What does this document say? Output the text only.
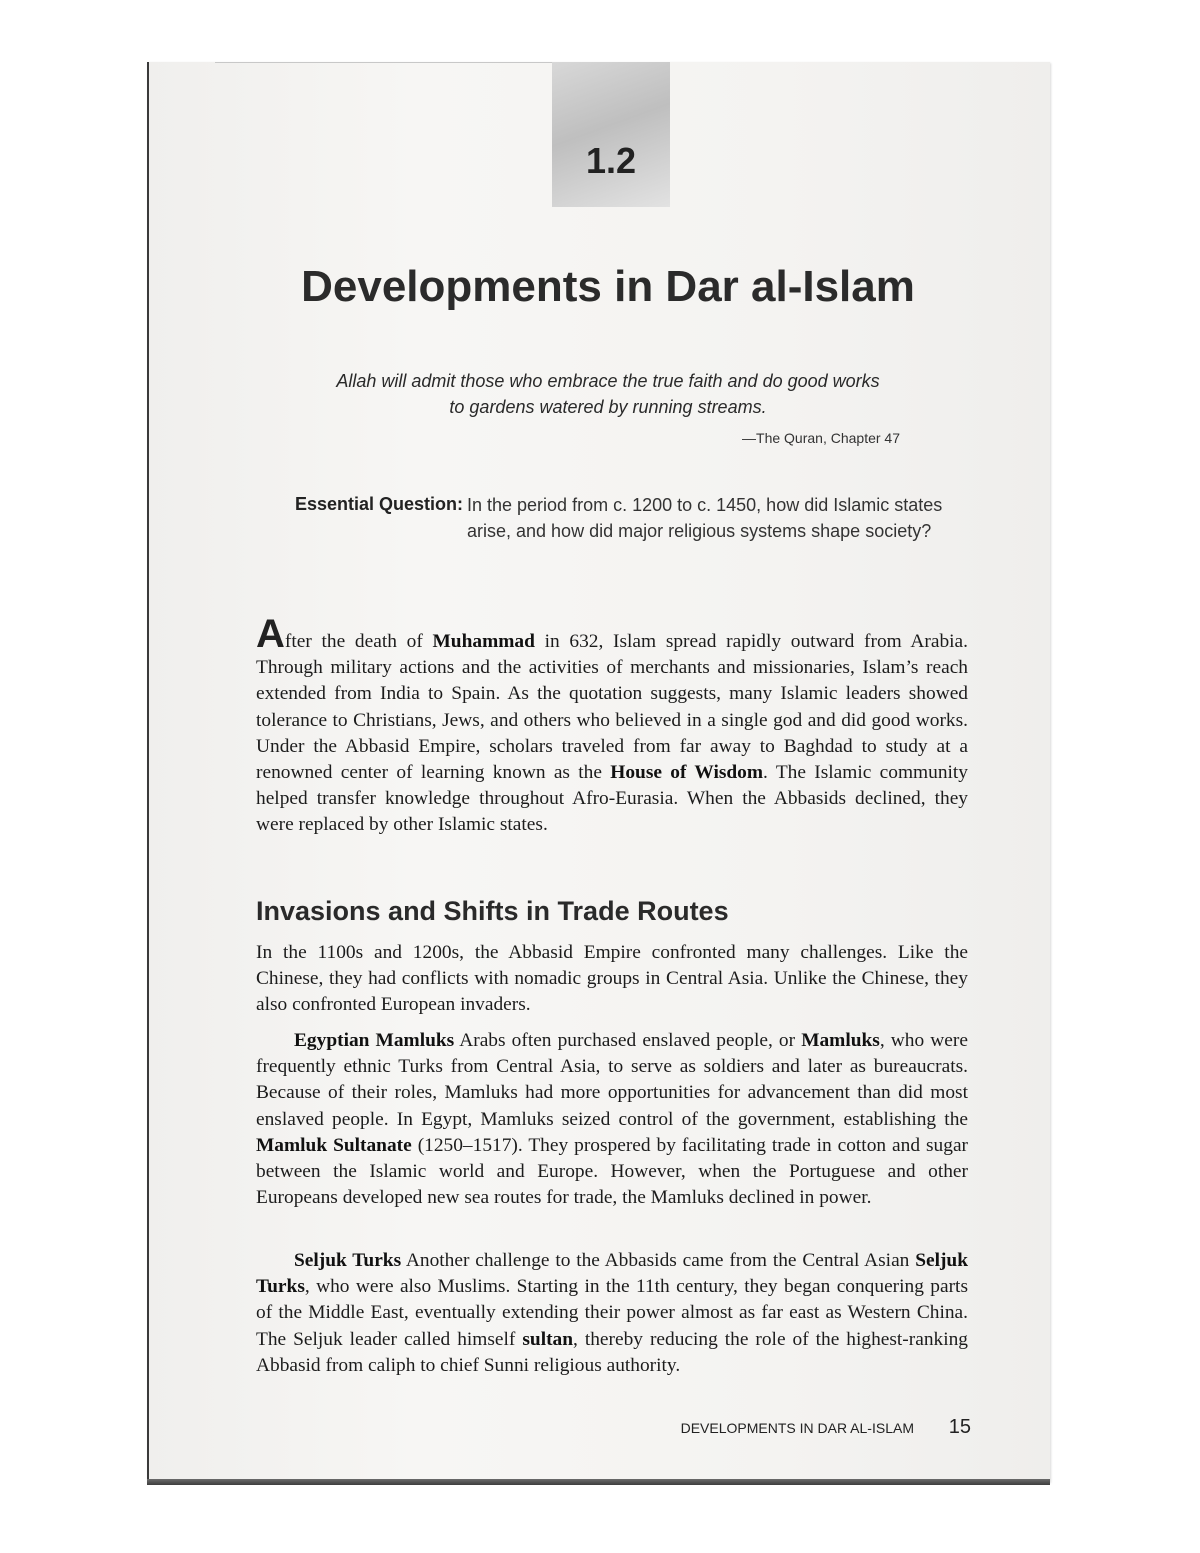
1.2
Developments in Dar al-Islam
Allah will admit those who embrace the true faith and do good works
to gardens watered by running streams.
—The Quran, Chapter 47
Essential Question: In the period from c. 1200 to c. 1450, how did Islamic states arise, and how did major religious systems shape society?

After the death of Muhammad in 632, Islam spread rapidly outward from Arabia. Through military actions and the activities of merchants and missionaries, Islam’s reach extended from India to Spain. As the quotation suggests, many Islamic leaders showed tolerance to Christians, Jews, and others who believed in a single god and did good works. Under the Abbasid Empire, scholars traveled from far away to Baghdad to study at a renowned center of learning known as the House of Wisdom. The Islamic community helped transfer knowledge throughout Afro-Eurasia. When the Abbasids declined, they were replaced by other Islamic states.

Invasions and Shifts in Trade Routes

In the 1100s and 1200s, the Abbasid Empire confronted many challenges. Like the Chinese, they had conflicts with nomadic groups in Central Asia. Unlike the Chinese, they also confronted European invaders.

Egyptian Mamluks Arabs often purchased enslaved people, or Mamluks, who were frequently ethnic Turks from Central Asia, to serve as soldiers and later as bureaucrats. Because of their roles, Mamluks had more opportunities for advancement than did most enslaved people. In Egypt, Mamluks seized control of the government, establishing the Mamluk Sultanate (1250–1517). They prospered by facilitating trade in cotton and sugar between the Islamic world and Europe. However, when the Portuguese and other Europeans developed new sea routes for trade, the Mamluks declined in power.

Seljuk Turks Another challenge to the Abbasids came from the Central Asian Seljuk Turks, who were also Muslims. Starting in the 11th century, they began conquering parts of the Middle East, eventually extending their power almost as far east as Western China. The Seljuk leader called himself sultan, thereby reducing the role of the highest-ranking Abbasid from caliph to chief Sunni religious authority.

DEVELOPMENTS IN DAR AL-ISLAM	15
